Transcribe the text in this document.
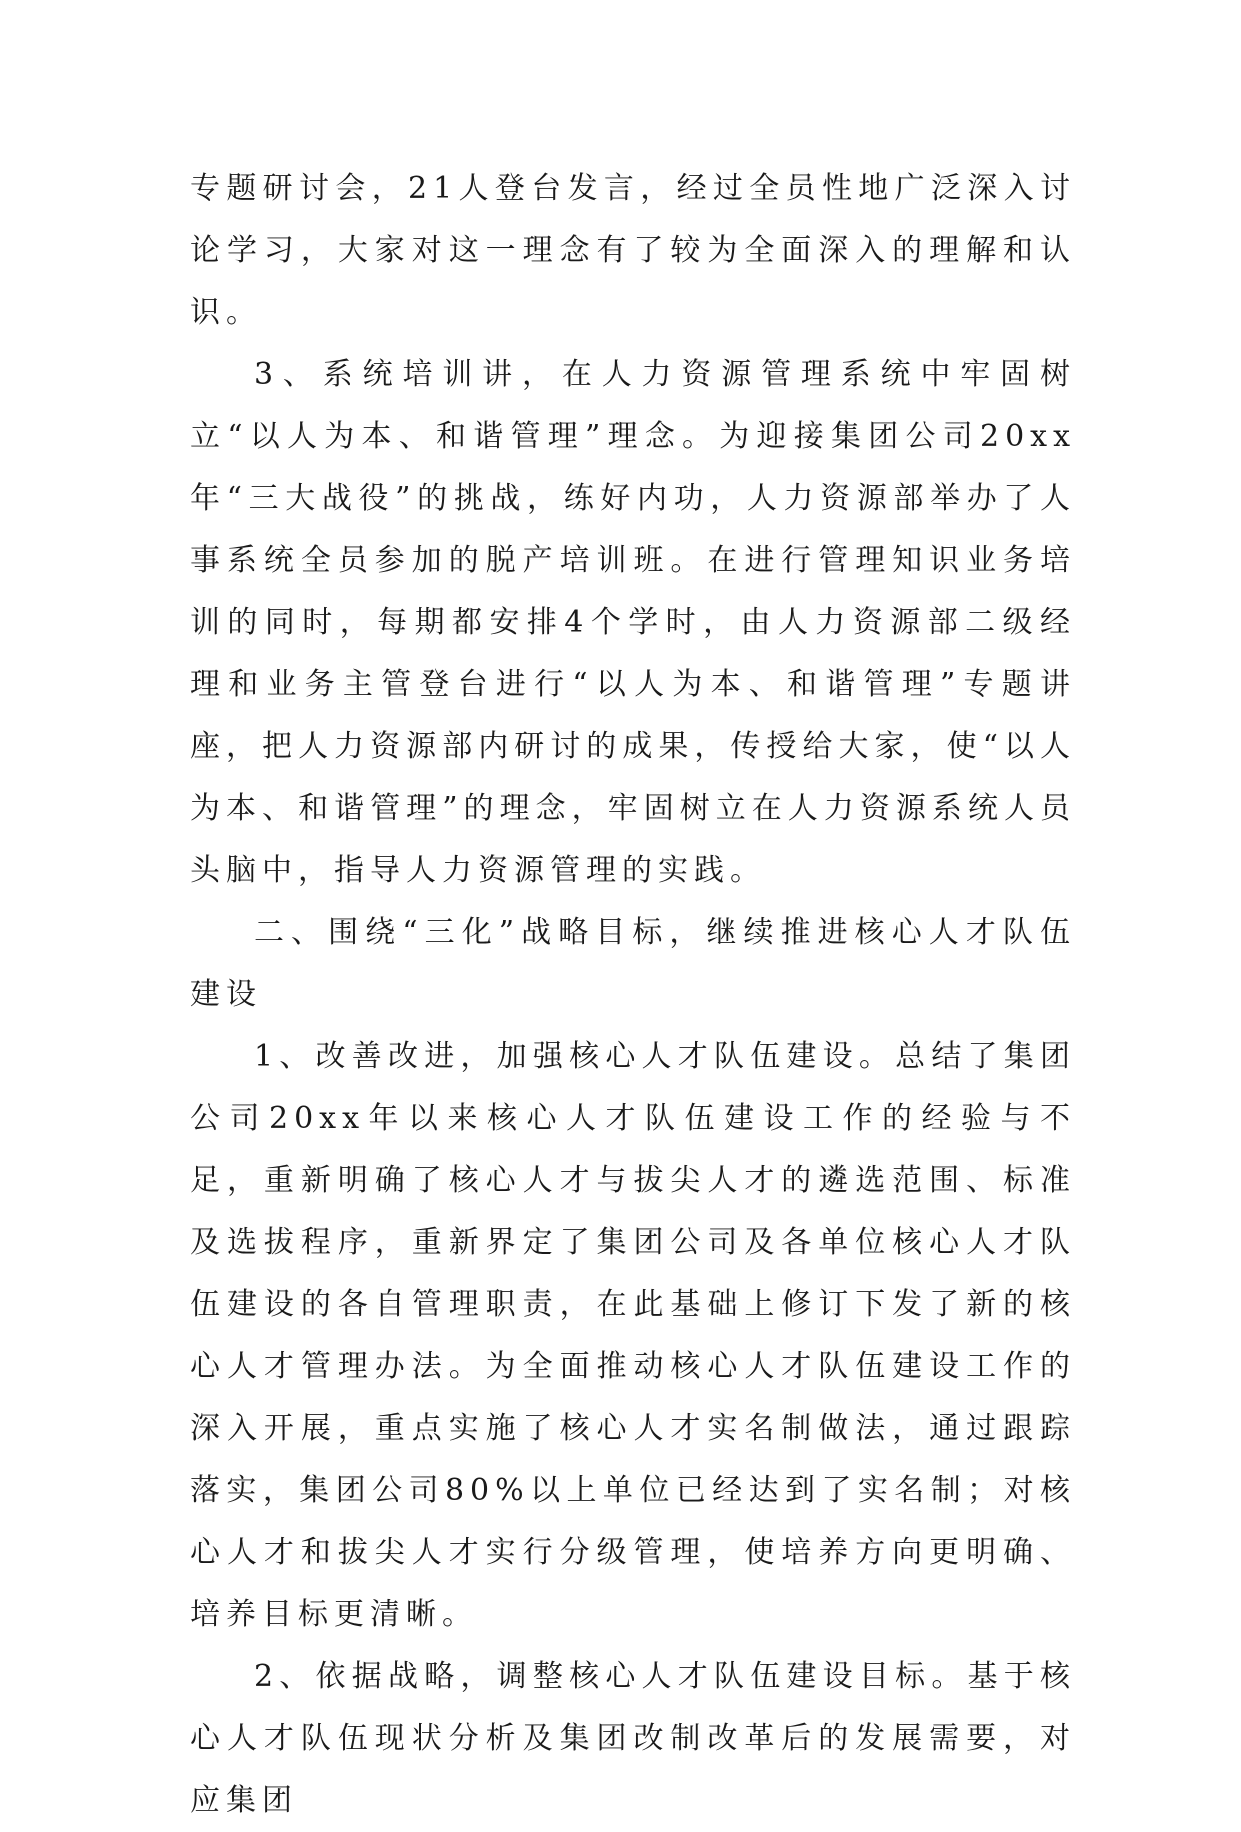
专题研讨会，21人登台发言，经过全员性地广泛深入讨论学习，大家对这一理念有了较为全面深入的理解和认识。

3、系统培训讲，在人力资源管理系统中牢固树立“以人为本、和谐管理”理念。为迎接集团公司20xx年“三大战役”的挑战，练好内功，人力资源部举办了人事系统全员参加的脱产培训班。在进行管理知识业务培训的同时，每期都安排4个学时，由人力资源部二级经理和业务主管登台进行“以人为本、和谐管理”专题讲座，把人力资源部内研讨的成果，传授给大家，使“以人为本、和谐管理”的理念，牢固树立在人力资源系统人员头脑中，指导人力资源管理的实践。

二、围绕“三化”战略目标，继续推进核心人才队伍建设

1、改善改进，加强核心人才队伍建设。总结了集团公司20xx年以来核心人才队伍建设工作的经验与不足，重新明确了核心人才与拔尖人才的遴选范围、标准及选拔程序，重新界定了集团公司及各单位核心人才队伍建设的各自管理职责，在此基础上修订下发了新的核心人才管理办法。为全面推动核心人才队伍建设工作的深入开展，重点实施了核心人才实名制做法，通过跟踪落实，集团公司80%以上单位已经达到了实名制；对核心人才和拔尖人才实行分级管理，使培养方向更明确、培养目标更清晰。

2、依据战略，调整核心人才队伍建设目标。基于核心人才队伍现状分析及集团改制改革后的发展需要，对应集团
